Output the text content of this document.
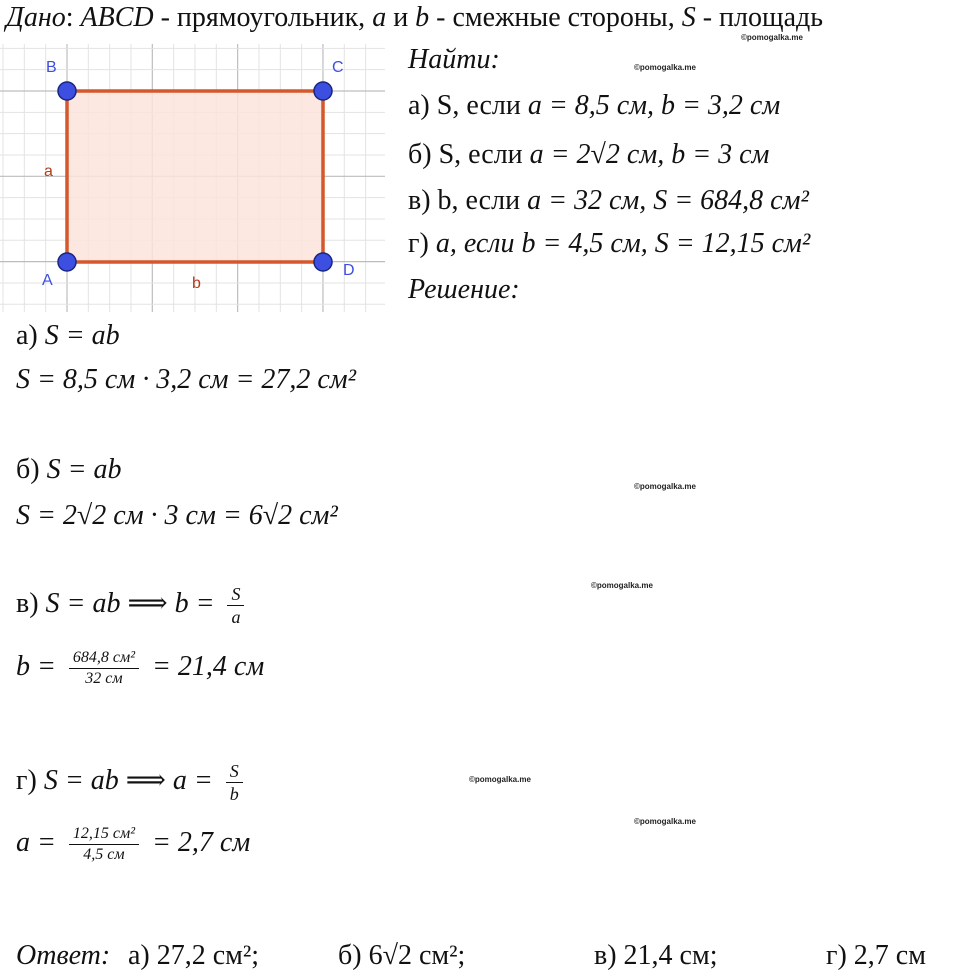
Дано: ABCD - прямоугольник, a и b - смежные стороны, S - площадь
B	C
A
D
a
b
Найти:
а) S, если a = 8,5 см, b = 3,2 см
б) S, если a = 2√2 см, b = 3 см
в) b, если a = 32 см, S = 684,8 см²
г) a, если b = 4,5 см, S = 12,15 см²
Решение:
а) S = ab
S = 8,5 см · 3,2 см = 27,2 см²
б) S = ab
S = 2√2 см · 3 см = 6√2 см²
в) S = ab ⟹ $b = \frac{S}{a}$
$b = \frac{\text{684,8 см²}}{32 см} = 21,4$ см
г) S = ab ⟹ $a = \frac{S}{b}$
$a = \frac{\text{12,15 см²}}{4,5 см} = 2,7$ см
Ответ: а) 27,2 см²;	б) 6√2 см²;	в) 21,4 см;	г) 2,7 см
©pomogalka.me
©pomogalka.me
©pomogalka.me
©pomogalka.me
©pomogalka.me
©pomogalka.me
